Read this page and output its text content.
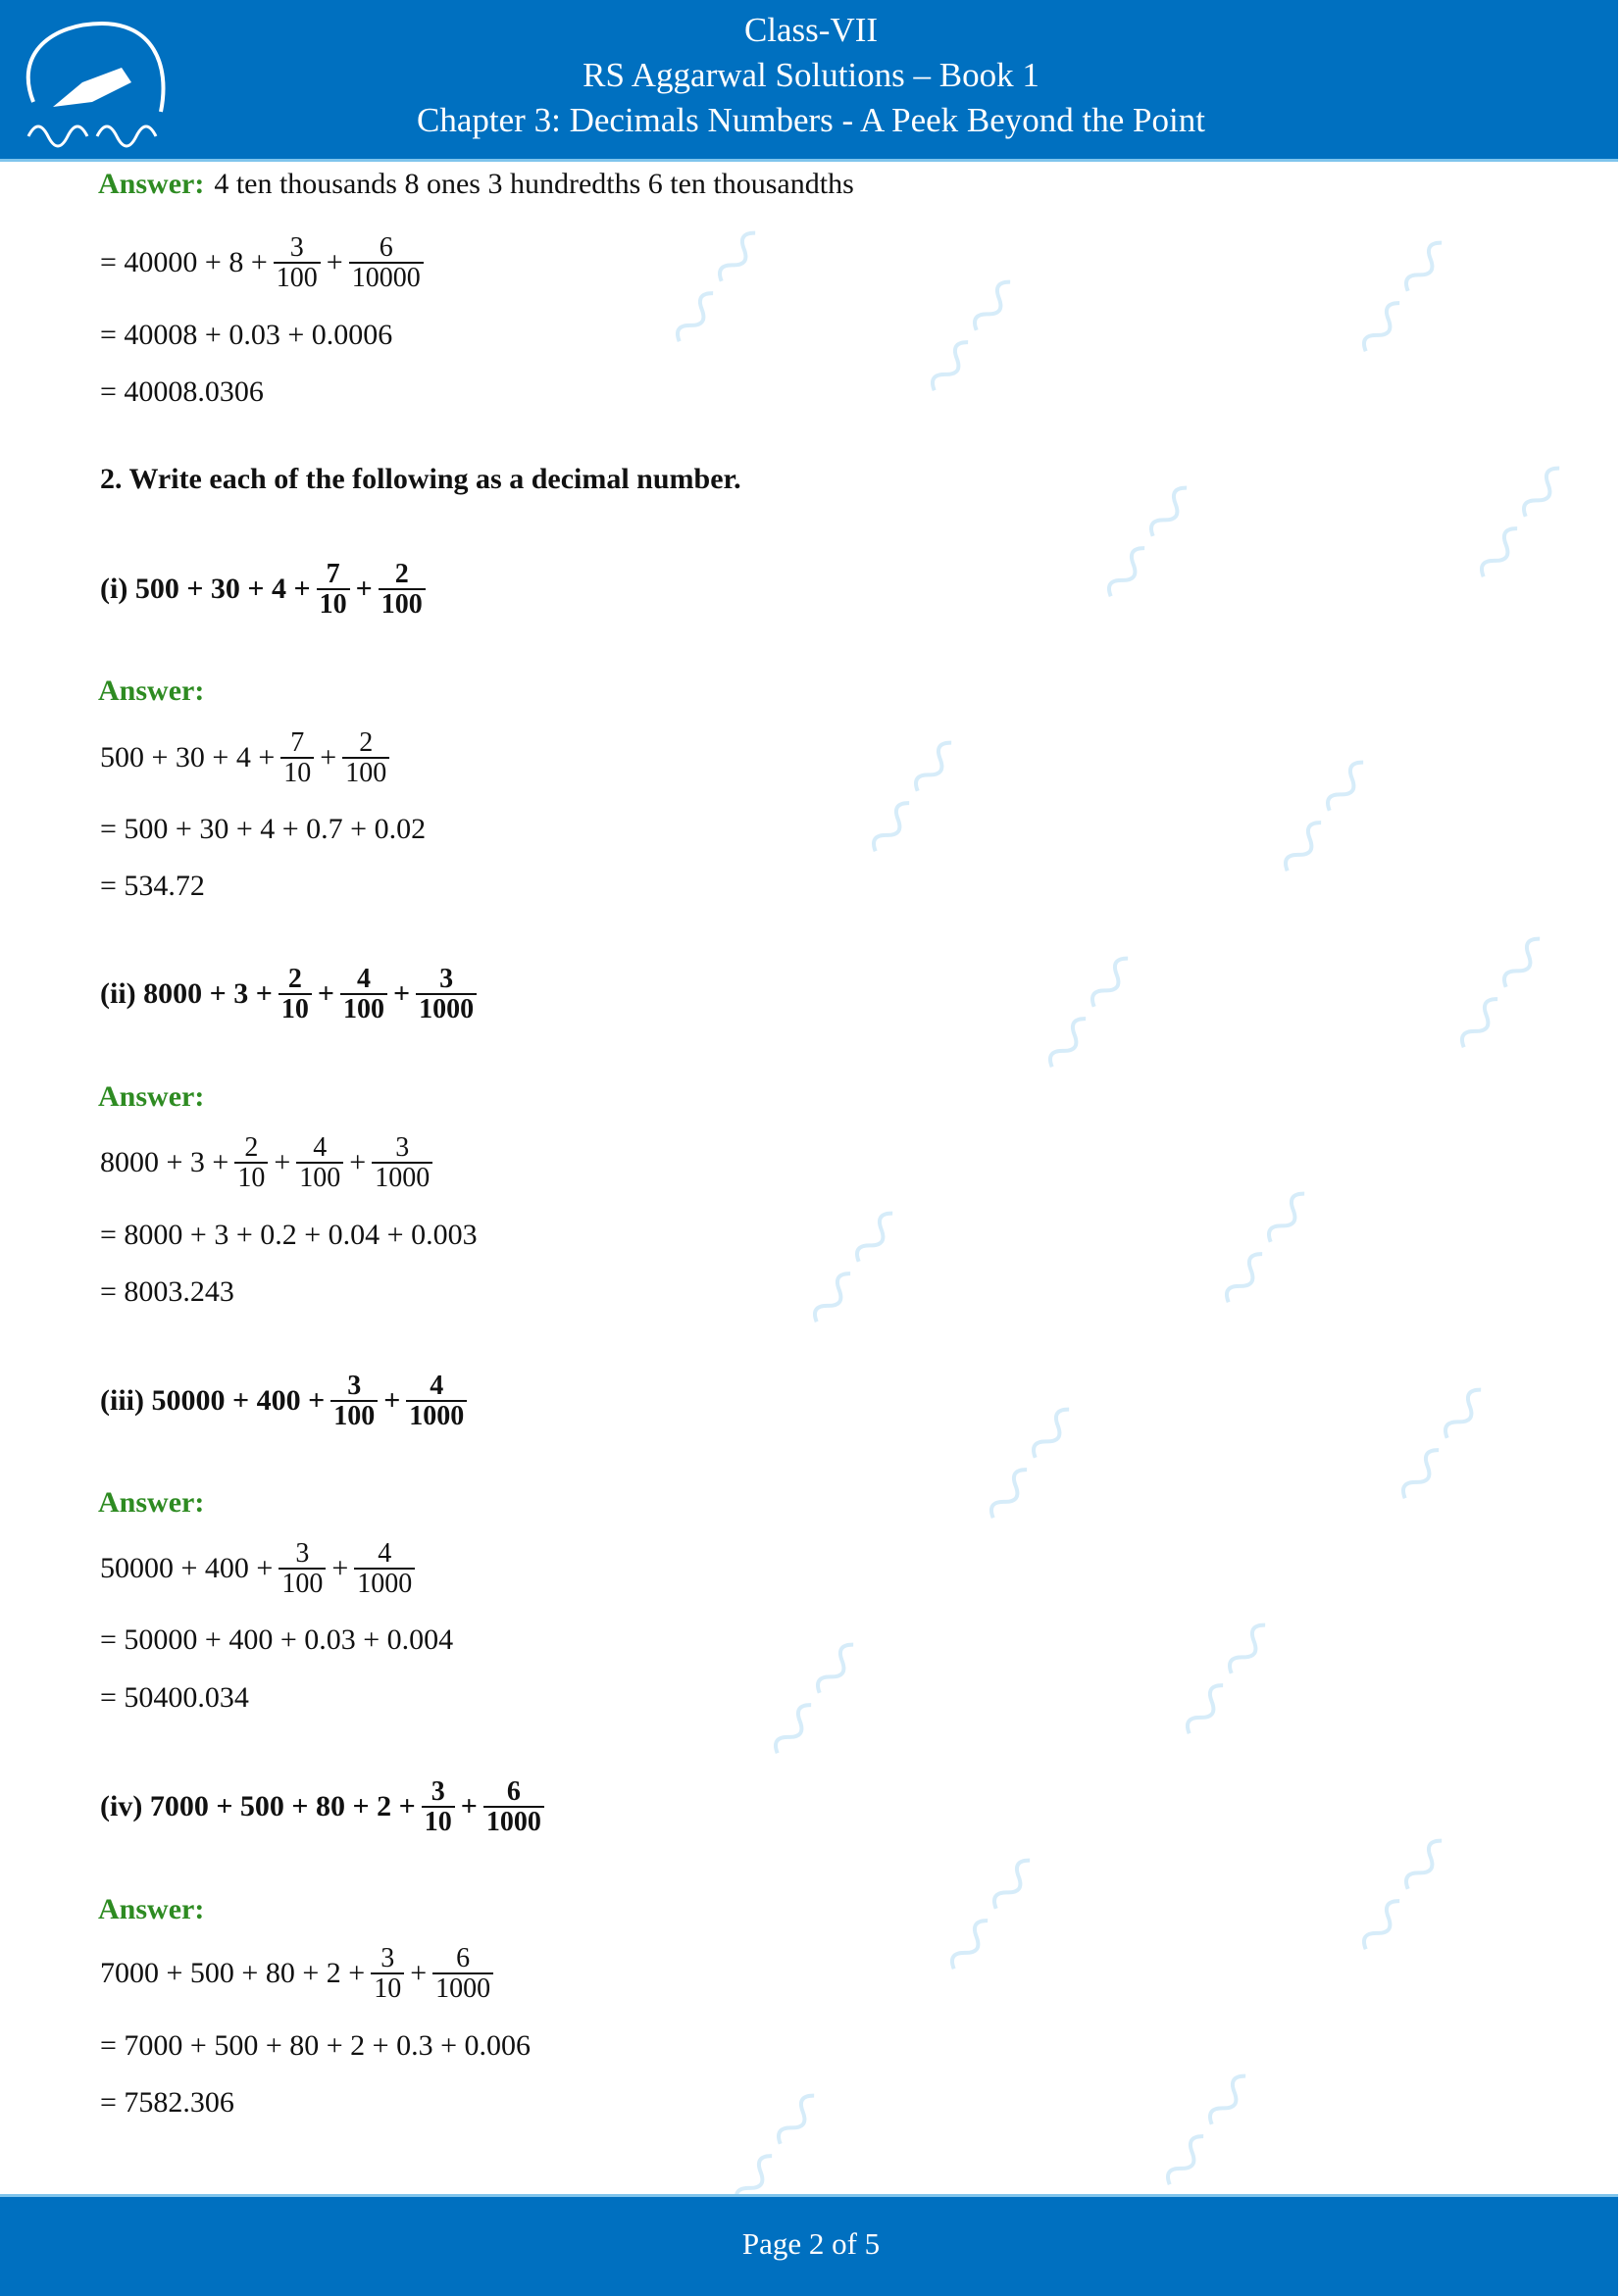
Class-VII
RS Aggarwal Solutions – Book 1
Chapter 3: Decimals Numbers - A Peek Beyond the Point
Answer: 4 ten thousands 8 ones 3 hundredths 6 ten thousandths
= $40000 + 8 + \frac{3}{100} + \frac{6}{10000}$
= 40008 + 0.03 + 0.0006
= 40008.0306
2. Write each of the following as a decimal number.
(i) $500 + 30 + 4 + \frac{7}{10} + \frac{2}{100}$
Answer:
$500 + 30 + 4 + \frac{7}{10} + \frac{2}{100}$
= 500 + 30 + 4 + 0.7 + 0.02
= 534.72
(ii) $8000 + 3 + \frac{2}{10} + \frac{4}{100} + \frac{3}{1000}$
Answer:
$8000 + 3 + \frac{2}{10} + \frac{4}{100} + \frac{3}{1000}$
= 8000 + 3 + 0.2 + 0.04 + 0.003
= 8003.243
(iii) $50000 + 400 + \frac{3}{100} + \frac{4}{1000}$
Answer:
$50000 + 400 + \frac{3}{100} + \frac{4}{1000}$
= 50000 + 400 + 0.03 + 0.004
= 50400.034
(iv) $7000 + 500 + 80 + 2 + \frac{3}{10} + \frac{6}{1000}$
Answer:
$7000 + 500 + 80 + 2 + \frac{3}{10} + \frac{6}{1000}$
= 7000 + 500 + 80 + 2 + 0.3 + 0.006
= 7582.306
Page 2 of 5
